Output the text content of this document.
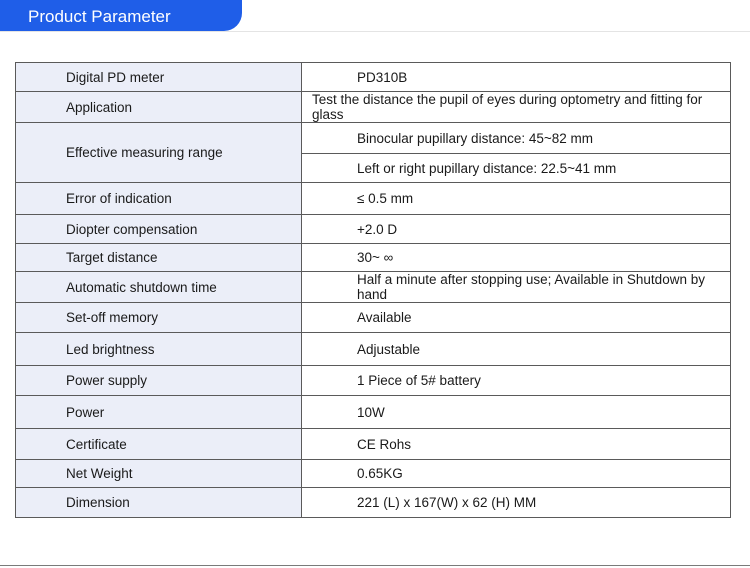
Product Parameter
Digital PD meter	PD310B
Application	Test the distance the pupil of eyes during optometry and fitting for glass
Effective measuring range	Binocular pupillary distance: 45~82 mm
	Left or right pupillary distance: 22.5~41 mm
Error of indication	≤ 0.5 mm
Diopter compensation	+2.0 D
Target distance	30~ ∞
Automatic shutdown time	Half a minute after stopping use; Available in Shutdown by hand
Set-off memory	Available
Led brightness	Adjustable
Power supply	1 Piece of 5# battery
Power	10W
Certificate	CE Rohs
Net Weight	0.65KG
Dimension	221 (L) x 167(W) x 62 (H) MM
